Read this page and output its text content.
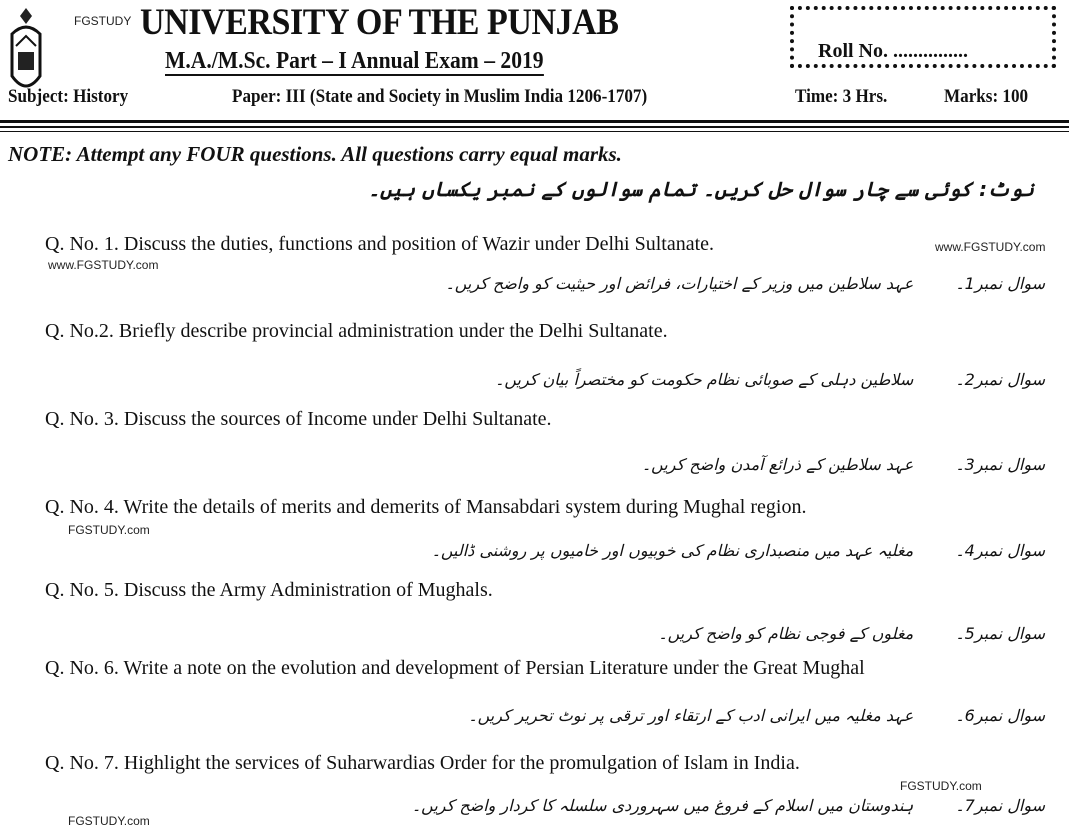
FGSTUDY UNIVERSITY OF THE PUNJAB
M.A./M.Sc. Part – I Annual Exam – 2019	Roll No. ...............
Subject: History	Paper: III (State and Society in Muslim India 1206-1707)	Time: 3 Hrs.	Marks: 100
NOTE: Attempt any FOUR questions. All questions carry equal marks.
نوٹ: کوئی سے چار سوال حل کریں۔ تمام سوالوں کے نمبر یکساں ہیں۔
Q. No. 1. Discuss the duties, functions and position of Wazir under Delhi Sultanate.	www.FGSTUDY.com
www.FGSTUDY.com
سوال نمبر1۔
عہد سلاطین میں وزیر کے اختیارات، فرائض اور حیثیت کو واضح کریں۔
Q. No.2. Briefly describe provincial administration under the Delhi Sultanate.
سوال نمبر2۔
سلاطین دہلی کے صوبائی نظام حکومت کو مختصراً بیان کریں۔
Q. No. 3. Discuss the sources of Income under Delhi Sultanate.
سوال نمبر3۔
عہد سلاطین کے ذرائع آمدن واضح کریں۔
Q. No. 4. Write the details of merits and demerits of Mansabdari system during Mughal region.
FGSTUDY.com
سوال نمبر4۔
مغلیہ عہد میں منصبداری نظام کی خوبیوں اور خامیوں پر روشنی ڈالیں۔
Q. No. 5. Discuss the Army Administration of Mughals.
سوال نمبر5۔
مغلوں کے فوجی نظام کو واضح کریں۔
Q. No. 6. Write a note on the evolution and development of Persian Literature under the Great Mughal
سوال نمبر6۔
عہد مغلیہ میں ایرانی ادب کے ارتقاء اور ترقی پر نوٹ تحریر کریں۔
Q. No. 7. Highlight the services of Suharwardias Order for the promulgation of Islam in India.
FGSTUDY.com
سوال نمبر7۔
ہندوستان میں اسلام کے فروغ میں سہروردی سلسلہ کا کردار واضح کریں۔
FGSTUDY.com
